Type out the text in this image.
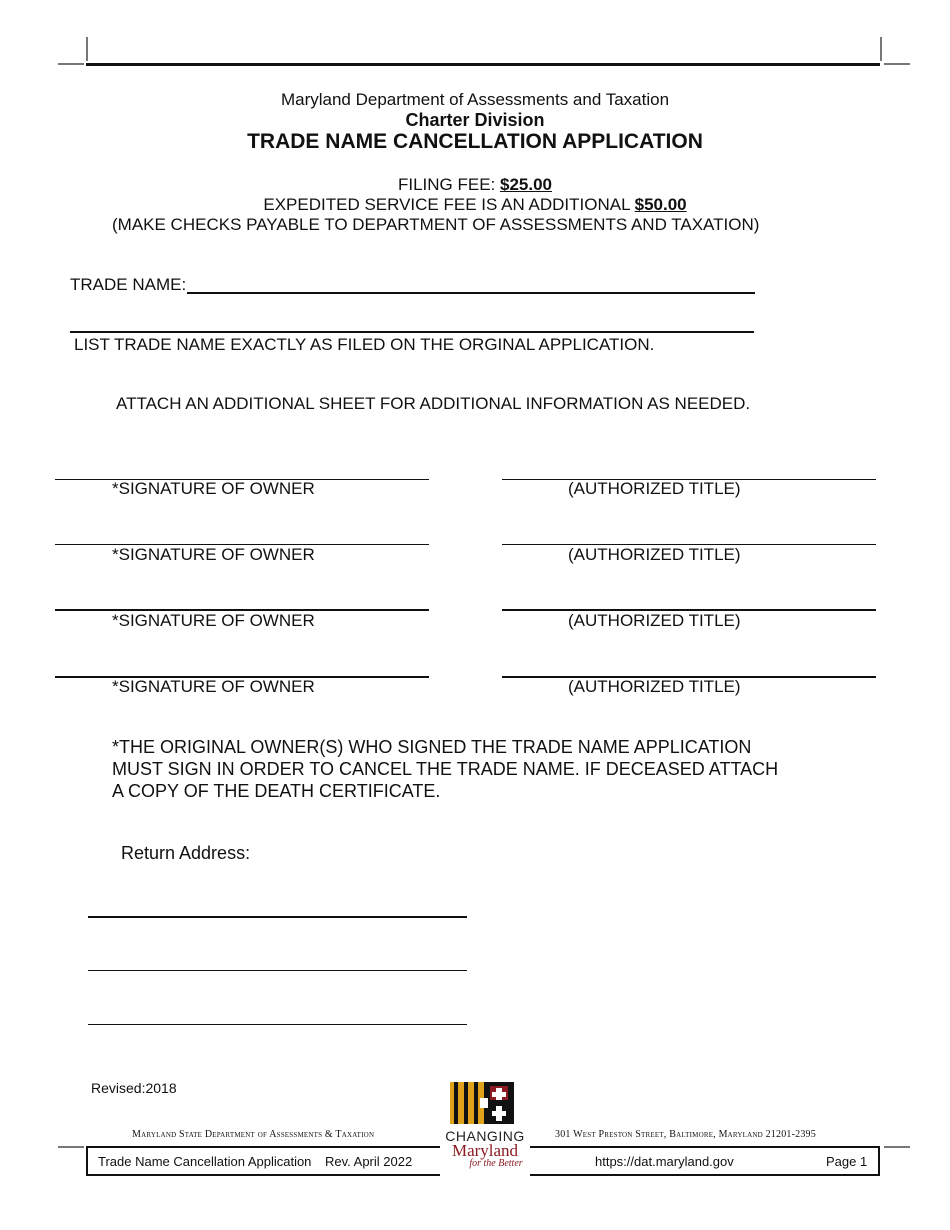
Maryland Department of Assessments and Taxation
Charter Division
TRADE NAME CANCELLATION APPLICATION
FILING FEE: $25.00
EXPEDITED SERVICE FEE IS AN ADDITIONAL $50.00
(MAKE CHECKS PAYABLE TO DEPARTMENT OF ASSESSMENTS AND TAXATION)
TRADE NAME:
LIST TRADE NAME EXACTLY AS FILED ON THE ORGINAL APPLICATION.
ATTACH AN ADDITIONAL SHEET FOR ADDITIONAL INFORMATION AS NEEDED.
*SIGNATURE OF OWNER	(AUTHORIZED TITLE)
*SIGNATURE OF OWNER	(AUTHORIZED TITLE)
*SIGNATURE OF OWNER	(AUTHORIZED TITLE)
*SIGNATURE OF OWNER	(AUTHORIZED TITLE)
*THE ORIGINAL OWNER(S) WHO SIGNED THE TRADE NAME APPLICATION
MUST SIGN IN ORDER TO CANCEL THE TRADE NAME. IF DECEASED ATTACH
A COPY OF THE DEATH CERTIFICATE.
Return Address:
Revised:2018
Maryland State Department of Assessments & Taxation	301 West Preston Street, Baltimore, Maryland 21201-2395
CHANGING
Maryland
for the Better
Trade Name Cancellation Application Rev. April 2022	https://dat.maryland.gov	Page 1
